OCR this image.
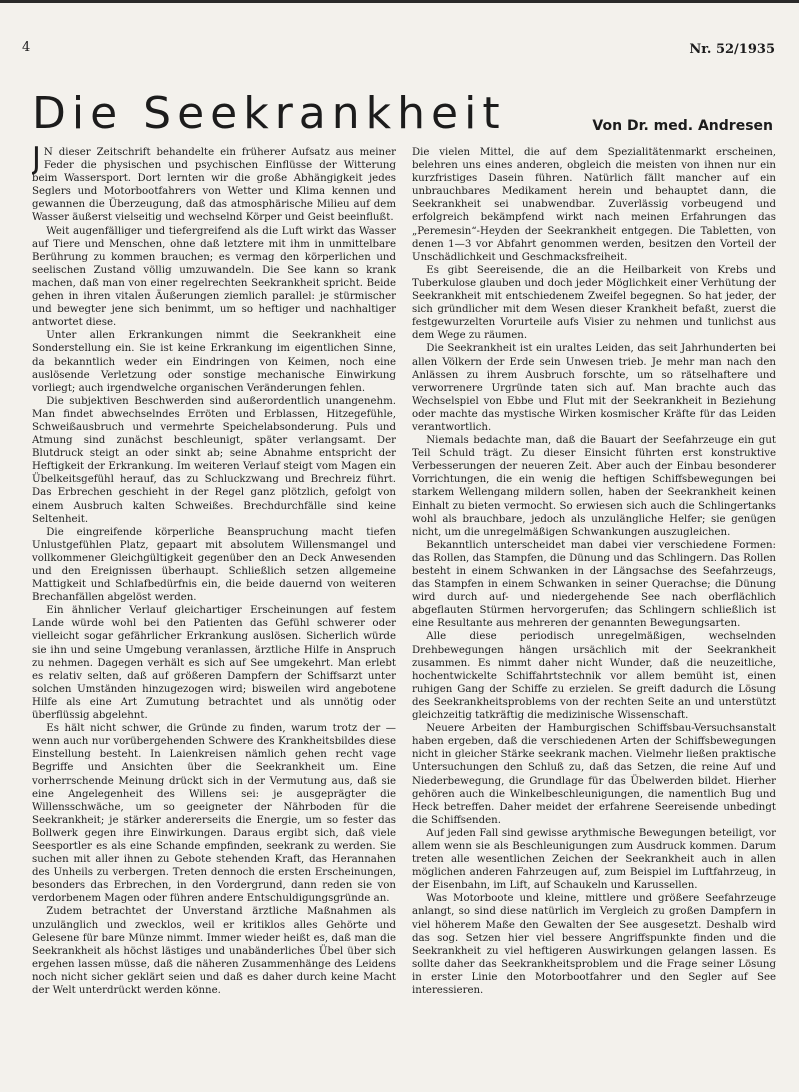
4	Nr. 52/1935
Die Seekrankheit	Von Dr. med. Andresen

J N dieser Zeitschrift behandelte ein früherer Aufsatz aus meiner Feder die physischen und psychischen Einflüsse der Witterung beim Wassersport. Dort lernten wir die große Abhängigkeit jedes Seglers und Motorbootfahrers von Wetter und Klima kennen und gewannen die Überzeugung, daß das atmosphärische Milieu auf dem Wasser äußerst vielseitig und wechselnd Körper und Geist beeinflußt.

Weit augenfälliger und tiefergreifend als die Luft wirkt das Wasser auf Tiere und Menschen, ohne daß letztere mit ihm in unmittelbare Berührung zu kommen brauchen; es vermag den körperlichen und seelischen Zustand völlig umzuwandeln. Die See kann so krank machen, daß man von einer regelrechten Seekrankheit spricht. Beide gehen in ihren vitalen Äußerungen ziemlich parallel: je stürmischer und bewegter jene sich benimmt, um so heftiger und nachhaltiger antwortet diese.

Unter allen Erkrankungen nimmt die Seekrankheit eine Sonderstellung ein. Sie ist keine Erkrankung im eigentlichen Sinne, da bekanntlich weder ein Eindringen von Keimen, noch eine auslösende Verletzung oder sonstige mechanische Einwirkung vorliegt; auch irgendwelche organischen Veränderungen fehlen.

Die subjektiven Beschwerden sind außerordentlich unangenehm. Man findet abwechselndes Erröten und Erblassen, Hitzegefühle, Schweißausbruch und vermehrte Speichelabsonderung. Puls und Atmung sind zunächst beschleunigt, später verlangsamt. Der Blutdruck steigt an oder sinkt ab; seine Abnahme entspricht der Heftigkeit der Erkrankung. Im weiteren Verlauf steigt vom Magen ein Übelkeitsgefühl herauf, das zu Schluckzwang und Brechreiz führt. Das Erbrechen geschieht in der Regel ganz plötzlich, gefolgt von einem Ausbruch kalten Schweißes. Brechdurchfälle sind keine Seltenheit.

Die eingreifende körperliche Beanspruchung macht tiefen Unlustgefühlen Platz, gepaart mit absolutem Willensmangel und vollkommener Gleichgültigkeit gegenüber den an Deck Anwesenden und den Ereignissen überhaupt. Schließlich setzen allgemeine Mattigkeit und Schlafbedürfnis ein, die beide dauernd von weiteren Brechanfällen abgelöst werden.

Ein ähnlicher Verlauf gleichartiger Erscheinungen auf festem Lande würde wohl bei den Patienten das Gefühl schwerer oder vielleicht sogar gefährlicher Erkrankung auslösen. Sicherlich würde sie ihn und seine Umgebung veranlassen, ärztliche Hilfe in Anspruch zu nehmen. Dagegen verhält es sich auf See umgekehrt. Man erlebt es relativ selten, daß auf größeren Dampfern der Schiffsarzt unter solchen Umständen hinzugezogen wird; bisweilen wird angebotene Hilfe als eine Art Zumutung betrachtet und als unnötig oder überflüssig abgelehnt.

Es hält nicht schwer, die Gründe zu finden, warum trotz der — wenn auch nur vorübergehenden Schwere des Krankheitsbildes diese Einstellung besteht. In Laienkreisen nämlich gehen recht vage Begriffe und Ansichten über die Seekrankheit um. Eine vorherrschende Meinung drückt sich in der Vermutung aus, daß sie eine Angelegenheit des Willens sei: je ausgeprägter die Willensschwäche, um so geeigneter der Nährboden für die Seekrankheit; je stärker andererseits die Energie, um so fester das Bollwerk gegen ihre Einwirkungen. Daraus ergibt sich, daß viele Seesportler es als eine Schande empfinden, seekrank zu werden. Sie suchen mit aller ihnen zu Gebote stehenden Kraft, das Herannahen des Unheils zu verbergen. Treten dennoch die ersten Erscheinungen, besonders das Erbrechen, in den Vordergrund, dann reden sie von verdorbenem Magen oder führen andere Entschuldigungsgründe an.

Zudem betrachtet der Unverstand ärztliche Maßnahmen als unzulänglich und zwecklos, weil er kritiklos alles Gehörte und Gelesene für bare Münze nimmt. Immer wieder heißt es, daß man die Seekrankheit als höchst lästiges und unabänderliches Übel über sich ergehen lassen müsse, daß die näheren Zusammenhänge des Leidens noch nicht sicher geklärt seien und daß es daher durch keine Macht der Welt unterdrückt werden könne.

Die vielen Mittel, die auf dem Spezialitätenmarkt erscheinen, belehren uns eines anderen, obgleich die meisten von ihnen nur ein kurzfristiges Dasein führen. Natürlich fällt mancher auf ein unbrauchbares Medikament herein und behauptet dann, die Seekrankheit sei unabwendbar. Zuverlässig vorbeugend und erfolgreich bekämpfend wirkt nach meinen Erfahrungen das „Peremesin“-Heyden der Seekrankheit entgegen. Die Tabletten, von denen 1—3 vor Abfahrt genommen werden, besitzen den Vorteil der Unschädlichkeit und Geschmacksfreiheit.

Es gibt Seereisende, die an die Heilbarkeit von Krebs und Tuberkulose glauben und doch jeder Möglichkeit einer Verhütung der Seekrankheit mit entschiedenem Zweifel begegnen. So hat jeder, der sich gründlicher mit dem Wesen dieser Krankheit befaßt, zuerst die festgewurzelten Vorurteile aufs Visier zu nehmen und tunlichst aus dem Wege zu räumen.

Die Seekrankheit ist ein uraltes Leiden, das seit Jahrhunderten bei allen Völkern der Erde sein Unwesen trieb. Je mehr man nach den Anlässen zu ihrem Ausbruch forschte, um so rätselhaftere und verworrenere Urgründe taten sich auf. Man brachte auch das Wechselspiel von Ebbe und Flut mit der Seekrankheit in Beziehung oder machte das mystische Wirken kosmischer Kräfte für das Leiden verantwortlich.

Niemals bedachte man, daß die Bauart der Seefahrzeuge ein gut Teil Schuld trägt. Zu dieser Einsicht führten erst konstruktive Verbesserungen der neueren Zeit. Aber auch der Einbau besonderer Vorrichtungen, die ein wenig die heftigen Schiffsbewegungen bei starkem Wellengang mildern sollen, haben der Seekrankheit keinen Einhalt zu bieten vermocht. So erwiesen sich auch die Schlingertanks wohl als brauchbare, jedoch als unzulängliche Helfer; sie genügen nicht, um die unregelmäßigen Schwankungen auszugleichen.

Bekanntlich unterscheidet man dabei vier verschiedene Formen: das Rollen, das Stampfen, die Dünung und das Schlingern. Das Rollen besteht in einem Schwanken in der Längsachse des Seefahrzeugs, das Stampfen in einem Schwanken in seiner Querachse; die Dünung wird durch auf- und niedergehende See nach oberflächlich abgeflauten Stürmen hervorgerufen; das Schlingern schließlich ist eine Resultante aus mehreren der genannten Bewegungsarten.

Alle diese periodisch unregelmäßigen, wechselnden Drehbewegungen hängen ursächlich mit der Seekrankheit zusammen. Es nimmt daher nicht Wunder, daß die neuzeitliche, hochentwickelte Schiffahrtstechnik vor allem bemüht ist, einen ruhigen Gang der Schiffe zu erzielen. Se greift dadurch die Lösung des Seekrankheitsproblems von der rechten Seite an und unterstützt gleichzeitig tatkräftig die medizinische Wissenschaft.

Neuere Arbeiten der Hamburgischen Schiffsbau-Versuchsanstalt haben ergeben, daß die verschiedenen Arten der Schiffsbewegungen nicht in gleicher Stärke seekrank machen. Vielmehr ließen praktische Untersuchungen den Schluß zu, daß das Setzen, die reine Auf und Niederbewegung, die Grundlage für das Übelwerden bildet. Hierher gehören auch die Winkelbeschleunigungen, die namentlich Bug und Heck betreffen. Daher meidet der erfahrene Seereisende unbedingt die Schiffsenden.

Auf jeden Fall sind gewisse arythmische Bewegungen beteiligt, vor allem wenn sie als Beschleunigungen zum Ausdruck kommen. Darum treten alle wesentlichen Zeichen der Seekrankheit auch in allen möglichen anderen Fahrzeugen auf, zum Beispiel im Luftfahrzeug, in der Eisenbahn, im Lift, auf Schaukeln und Karussellen.

Was Motorboote und kleine, mittlere und größere Seefahrzeuge anlangt, so sind diese natürlich im Vergleich zu großen Dampfern in viel höherem Maße den Gewalten der See ausgesetzt. Deshalb wird das sog. Setzen hier viel bessere Angriffspunkte finden und die Seekrankheit zu viel heftigeren Auswirkungen gelangen lassen. Es sollte daher das Seekrankheitsproblem und die Frage seiner Lösung in erster Linie den Motorbootfahrer und den Segler auf See interessieren.
